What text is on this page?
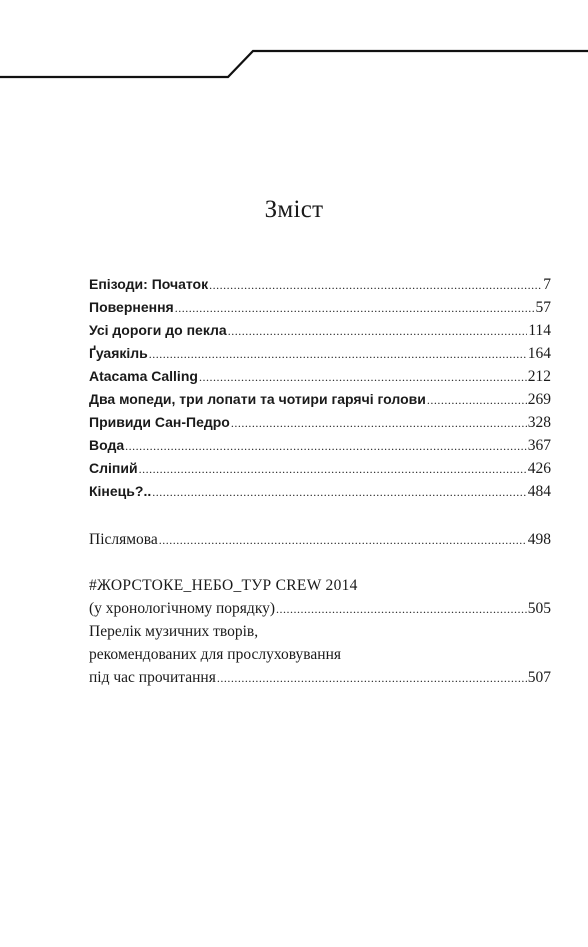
Зміст
Епізоди: Початок .....	7
Повернення .....	57
Усі дороги до пекла .....	114
Ґуаякіль .....	164
Atacama Calling .....	212
Два мопеди, три лопати та чотири гарячі голови .....	269
Привиди Сан-Педро .....	328
Вода .....	367
Сліпий .....	426
Кінець?.. .....	484
Післямова .....	498
#ЖОРСТОКЕ_НЕБО_ТУР CREW 2014
(у хронологічному порядку) .....	505
Перелік музичних творів,
рекомендованих для прослуховування
під час прочитання .....	507
